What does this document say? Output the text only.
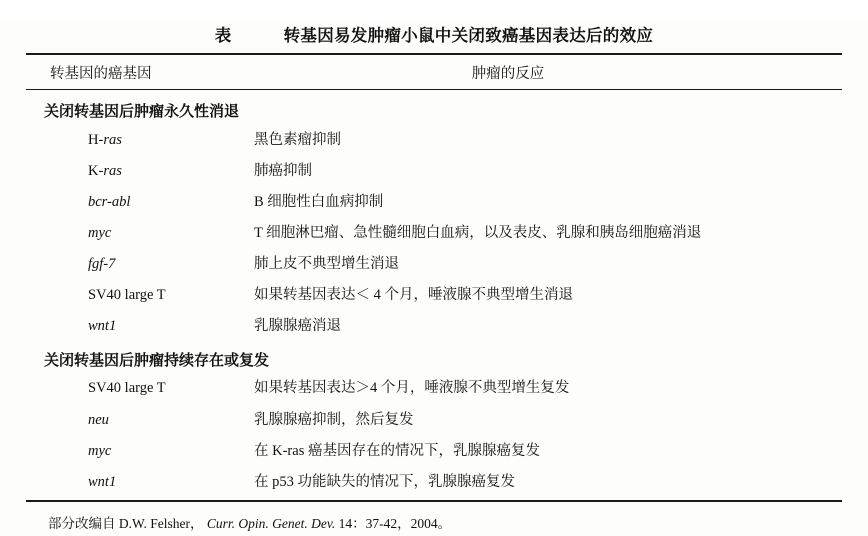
表	转基因易发肿瘤小鼠中关闭致癌基因表达后的效应
转基因的癌基因	肿瘤的反应
关闭转基因后肿瘤永久性消退
H-ras	黑色素瘤抑制
K-ras	肺癌抑制
bcr-abl	B 细胞性白血病抑制
myc	T 细胞淋巴瘤、急性髓细胞白血病，以及表皮、乳腺和胰岛细胞癌消退
fgf-7	肺上皮不典型增生消退
SV40 large T	如果转基因表达＜ 4 个月，唾液腺不典型增生消退
wnt1	乳腺腺癌消退
关闭转基因后肿瘤持续存在或复发
SV40 large T	如果转基因表达＞4 个月，唾液腺不典型增生复发
neu	乳腺腺癌抑制，然后复发
myc	在 K-ras 癌基因存在的情况下，乳腺腺癌复发
wnt1	在 p53 功能缺失的情况下，乳腺腺癌复发
部分改编自 D.W. Felsher， Curr. Opin. Genet. Dev. 14：37-42，2004。
